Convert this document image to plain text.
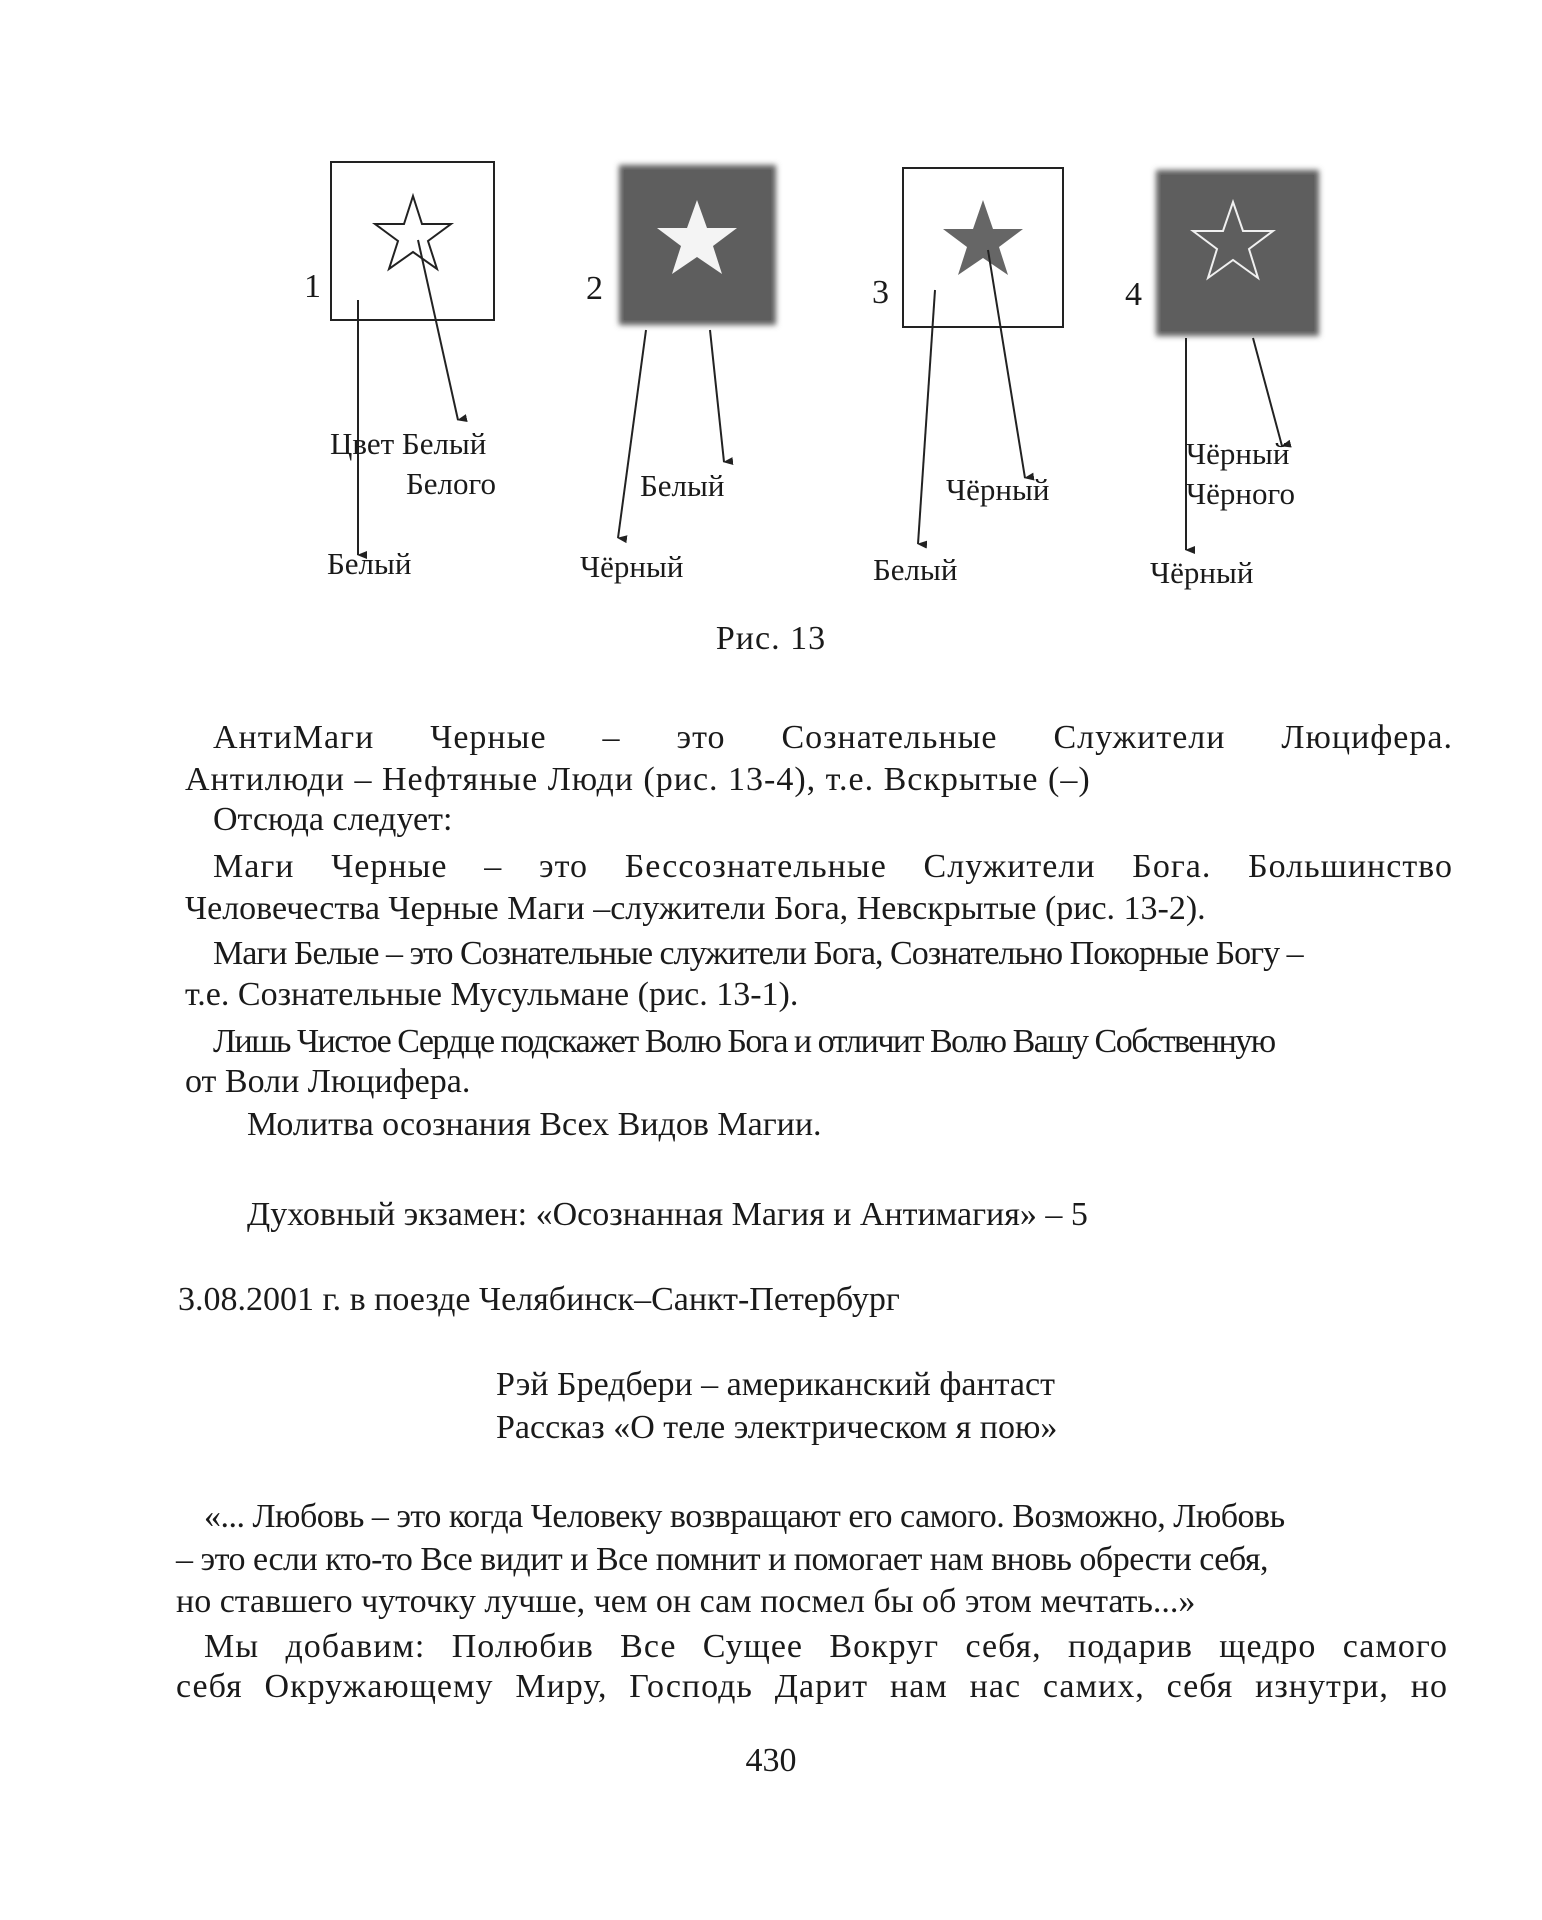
1	2	3	4
Цвет Белый
Белого
Белый
Белый
Чёрный
Чёрный
Белый
Чёрный
Чёрного
Чёрный
Рис. 13
АнтиМаги Черные – это Сознательные Служители Люцифера.
Антилюди – Нефтяные Люди (рис. 13-4), т.е. Вскрытые (–)
Отсюда следует:
Маги Черные – это Бессознательные Служители Бога. Большинство
Человечества Черные Маги –служители Бога, Невскрытые (рис. 13-2).
Маги Белые – это Сознательные служители Бога, Сознательно Покорные Богу –
т.е. Сознательные Мусульмане (рис. 13-1).
Лишь Чистое Сердце подскажет Волю Бога и отличит Волю Вашу Собственную
от Воли Люцифера.
Молитва осознания Всех Видов Магии.
Духовный экзамен: «Осознанная Магия и Антимагия» – 5
3.08.2001 г. в поезде Челябинск–Санкт-Петербург
Рэй Бредбери – американский фантаст
Рассказ «О теле электрическом я пою»
«... Любовь – это когда Человеку возвращают его самого. Возможно, Любовь
– это если кто-то Все видит и Все помнит и помогает нам вновь обрести себя,
но ставшего чуточку лучше, чем он сам посмел бы об этом мечтать...»
Мы добавим: Полюбив Все Сущее Вокруг себя, подарив щедро самого
себя Окружающему Миру, Господь Дарит нам нас самих, себя изнутри, но
430
